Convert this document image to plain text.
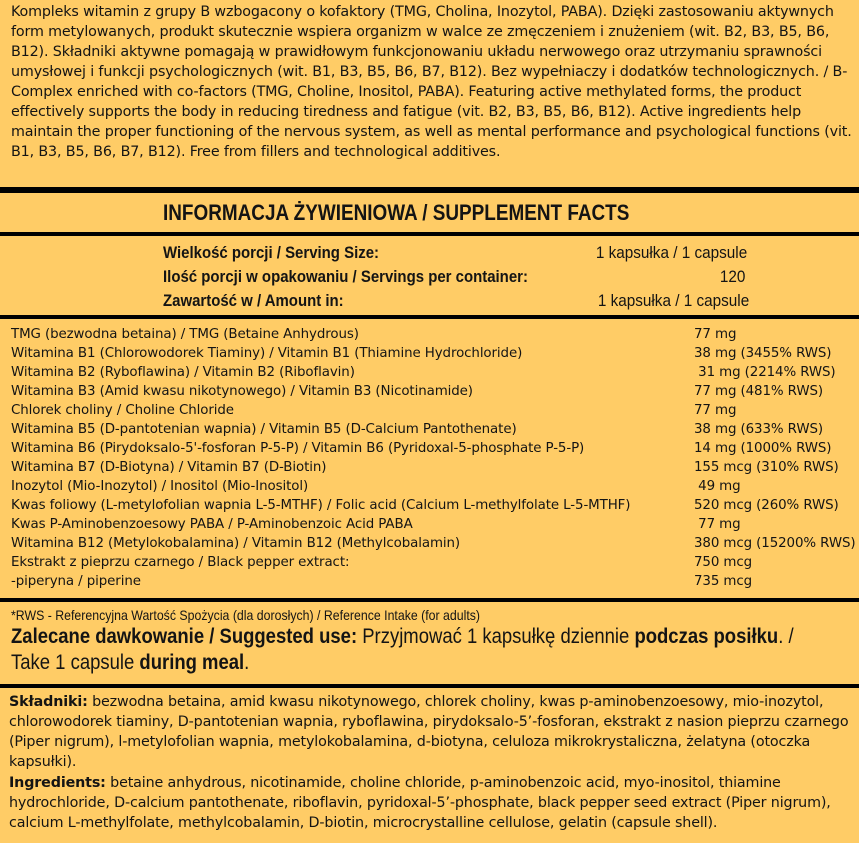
Kompleks witamin z grupy B wzbogacony o kofaktory (TMG, Cholina, Inozytol, PABA). Dzięki zastosowaniu aktywnych form metylowanych, produkt skutecznie wspiera organizm w walce ze zmęczeniem i znużeniem (wit. B2, B3, B5, B6, B12). Składniki aktywne pomagają w prawidłowym funkcjonowaniu układu nerwowego oraz utrzymaniu sprawności umysłowej i funkcji psychologicznych (wit. B1, B3, B5, B6, B7, B12). Bez wypełniaczy i dodatków technologicznych. / B-Complex enriched with co-factors (TMG, Choline, Inositol, PABA). Featuring active methylated forms, the product effectively supports the body in reducing tiredness and fatigue (vit. B2, B3, B5, B6, B12). Active ingredients help maintain the proper functioning of the nervous system, as well as mental performance and psychological functions (vit. B1, B3, B5, B6, B7, B12). Free from fillers and technological additives.
INFORMACJA ŻYWIENIOWA / SUPPLEMENT FACTS
Wielkość porcji / Serving Size:	1 kapsułka / 1 capsule
Ilość porcji w opakowaniu / Servings per container:	120
Zawartość w / Amount in:	1 kapsułka / 1 capsule
TMG (bezwodna betaina) / TMG (Betaine Anhydrous)	77 mg
Witamina B1 (Chlorowodorek Tiaminy) / Vitamin B1 (Thiamine Hydrochloride)	38 mg (3455% RWS)
Witamina B2 (Ryboflawina) / Vitamin B2 (Riboflavin)	31 mg (2214% RWS)
Witamina B3 (Amid kwasu nikotynowego) / Vitamin B3 (Nicotinamide)	77 mg (481% RWS)
Chlorek choliny / Choline Chloride	77 mg
Witamina B5 (D-pantotenian wapnia) / Vitamin B5 (D-Calcium Pantothenate)	38 mg (633% RWS)
Witamina B6 (Pirydoksalo-5'-fosforan P-5-P) / Vitamin B6 (Pyridoxal-5-phosphate P-5-P)	14 mg (1000% RWS)
Witamina B7 (D-Biotyna) / Vitamin B7 (D-Biotin)	155 mcg (310% RWS)
Inozytol (Mio-Inozytol) / Inositol (Mio-Inositol)	49 mg
Kwas foliowy (L-metylofolian wapnia L-5-MTHF) / Folic acid (Calcium L-methylfolate L-5-MTHF)	520 mcg (260% RWS)
Kwas P-Aminobenzoesowy PABA / P-Aminobenzoic Acid PABA	77 mg
Witamina B12 (Metylokobalamina) / Vitamin B12 (Methylcobalamin)	380 mcg (15200% RWS)
Ekstrakt z pieprzu czarnego / Black pepper extract:	750 mcg
-piperyna / piperine	735 mcg
*RWS - Referencyjna Wartość Spożycia (dla dorosłych) / Reference Intake (for adults)
Zalecane dawkowanie / Suggested use: Przyjmować 1 kapsułkę dziennie podczas posiłku. / Take 1 capsule during meal.

Składniki: bezwodna betaina, amid kwasu nikotynowego, chlorek choliny, kwas p-aminobenzoesowy, mio-inozytol, chlorowodorek tiaminy, D-pantotenian wapnia, ryboflawina, pirydoksalo-5’-fosforan, ekstrakt z nasion pieprzu czarnego (Piper nigrum), l-metylofolian wapnia, metylokobalamina, d-biotyna, celuloza mikrokrystaliczna, żelatyna (otoczka kapsułki).

Ingredients: betaine anhydrous, nicotinamide, choline chloride, p-aminobenzoic acid, myo-inositol, thiamine hydrochloride, D-calcium pantothenate, riboflavin, pyridoxal-5’-phosphate, black pepper seed extract (Piper nigrum), calcium L-methylfolate, methylcobalamin, D-biotin, microcrystalline cellulose, gelatin (capsule shell).
